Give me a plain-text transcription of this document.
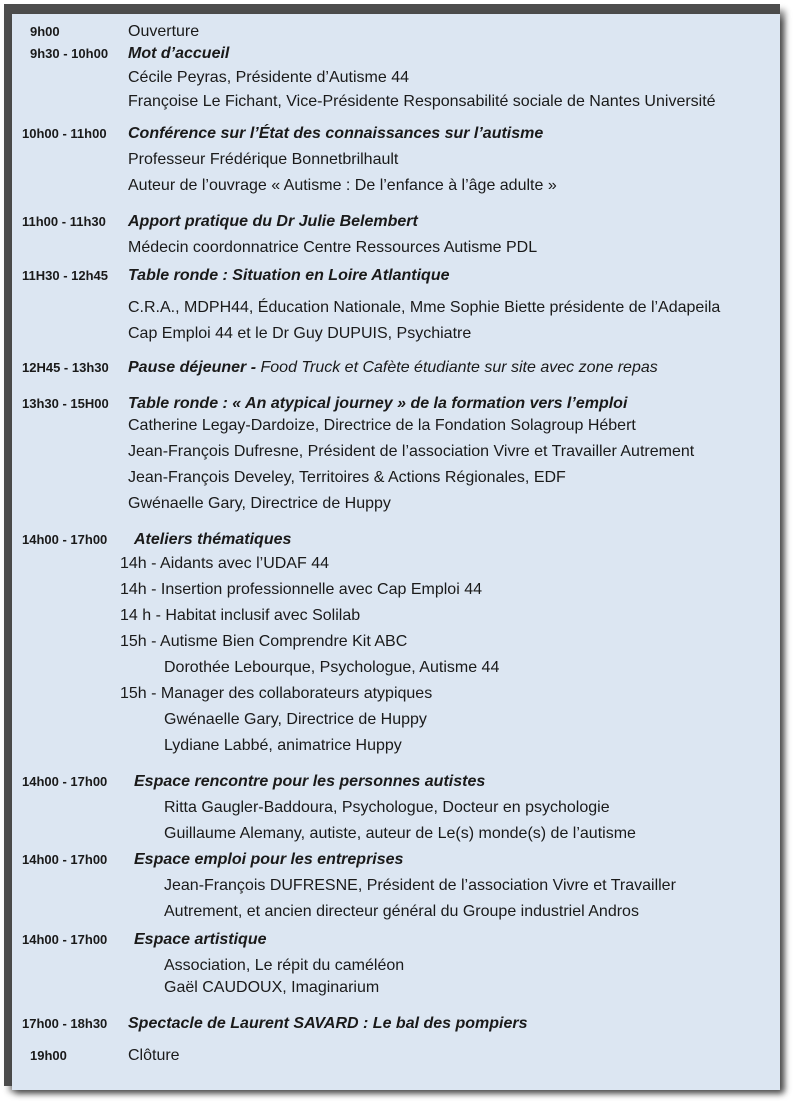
9h00	Ouverture
9h30 - 10h00 Mot d’accueil
Cécile Peyras, Présidente d’Autisme 44
Françoise Le Fichant, Vice-Présidente Responsabilité sociale de Nantes Université
10h00 - 11h00 Conférence sur l’État des connaissances sur l’autisme
Professeur Frédérique Bonnetbrilhault
Auteur de l’ouvrage « Autisme : De l’enfance à l’âge adulte »
11h00 - 11h30 Apport pratique du Dr Julie Belembert
Médecin coordonnatrice Centre Ressources Autisme PDL
11H30 - 12h45 Table ronde : Situation en Loire Atlantique
C.R.A., MDPH44, Éducation Nationale, Mme Sophie Biette présidente de l’Adapeila
Cap Emploi 44 et le Dr Guy DUPUIS, Psychiatre
12H45 - 13h30 Pause déjeuner - Food Truck et Cafète étudiante sur site avec zone repas
13h30 - 15H00 Table ronde : « An atypical journey » de la formation vers l’emploi
Catherine Legay-Dardoize, Directrice de la Fondation Solagroup Hébert
Jean-François Dufresne, Président de l’association Vivre et Travailler Autrement
Jean-François Develey, Territoires & Actions Régionales, EDF
Gwénaelle Gary, Directrice de Huppy
14h00 - 17h00 Ateliers thématiques
14h - Aidants avec l’UDAF 44
14h - Insertion professionnelle avec Cap Emploi 44
14 h - Habitat inclusif avec Solilab
15h - Autisme Bien Comprendre Kit ABC
Dorothée Lebourque, Psychologue, Autisme 44
15h - Manager des collaborateurs atypiques
Gwénaelle Gary, Directrice de Huppy
Lydiane Labbé, animatrice Huppy
14h00 - 17h00 Espace rencontre pour les personnes autistes
Ritta Gaugler-Baddoura, Psychologue, Docteur en psychologie
Guillaume Alemany, autiste, auteur de Le(s) monde(s) de l’autisme
14h00 - 17h00 Espace emploi pour les entreprises
Jean-François DUFRESNE, Président de l’association Vivre et Travailler
Autrement, et ancien directeur général du Groupe industriel Andros
14h00 - 17h00 Espace artistique
Association, Le répit du caméléon
Gaël CAUDOUX, Imaginarium
17h00 - 18h30 Spectacle de Laurent SAVARD : Le bal des pompiers
19h00	Clôture
